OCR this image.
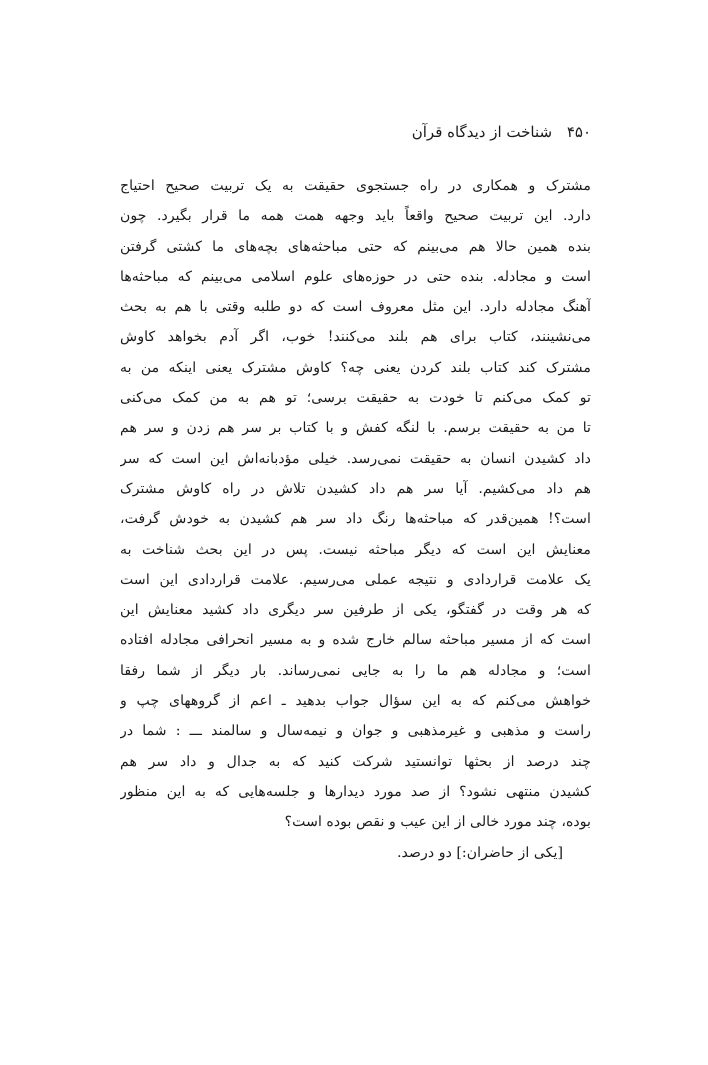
۴۵۰ شناخت از دیدگاه قرآن
مشترک و همکاری در راه جستجوی حقیقت به یک تربیت صحیح احتیاج
دارد. این تربیت صحیح واقعاً باید وجهه همت همه ما قرار بگیرد. چون
بنده همین حالا هم می‌بینم که حتی مباحثه‌های بچه‌های ما کشتی گرفتن
است و مجادله. بنده حتی در حوزه‌های علوم اسلامی می‌بینم که مباحثه‌ها
آهنگ مجادله دارد. این مثل معروف است که دو طلبه وقتی با هم به بحث
می‌نشینند، کتاب برای هم بلند می‌کنند! خوب، اگر آدم بخواهد کاوش
مشترک کند کتاب بلند کردن یعنی چه؟ کاوش مشترک یعنی اینکه من به
تو کمک می‌کنم تا خودت به حقیقت برسی؛ تو هم به من کمک می‌کنی
تا من به حقیقت برسم. با لنگه کفش و با کتاب بر سر هم زدن و سر هم
داد کشیدن انسان به حقیقت نمی‌رسد. خیلی مؤدبانه‌اش این است که سر
هم داد می‌کشیم. آیا سر هم داد کشیدن تلاش در راه کاوش مشترک
است؟! همین‌قدر که مباحثه‌ها رنگ داد سر هم کشیدن به خودش گرفت،
معنایش این است که دیگر مباحثه نیست. پس در این بحث شناخت به
یک علامت قراردادی و نتیجه عملی می‌رسیم. علامت قراردادی این است
که هر وقت در گفتگو، یکی از طرفین سر دیگری داد کشید معنایش این
است که از مسیر مباحثه سالم خارج شده و به مسیر انحرافی مجادله افتاده
است؛ و مجادله هم ما را به جایی نمی‌رساند. بار دیگر از شما رفقا
خواهش می‌کنم که به این سؤال جواب بدهید ـ اعم از گروههای چپ و
راست و مذهبی و غیرمذهبی و جوان و نیمه‌سال و سالمند ـــ : شما در
چند درصد از بحثها توانستید شرکت کنید که به جدال و داد سر هم
کشیدن منتهی نشود؟ از صد مورد دیدارها و جلسه‌هایی که به این منظور
بوده، چند مورد خالی از این عیب و نقص بوده است؟
[یکی از حاضران:] دو درصد.
